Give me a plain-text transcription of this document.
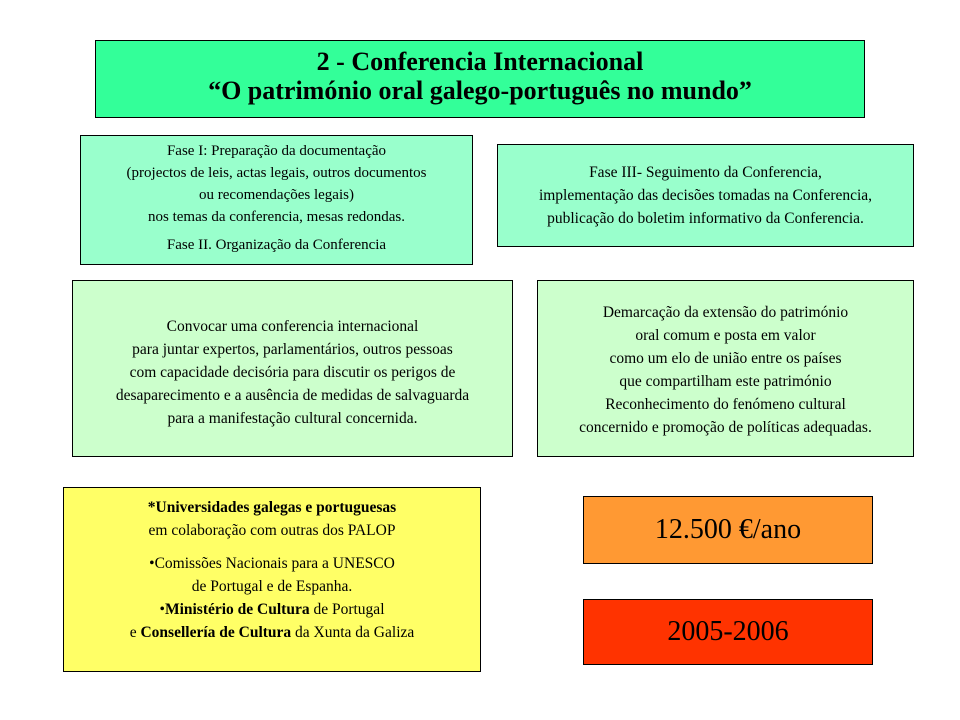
2 - Conferencia Internacional
“O património oral galego-português no mundo”
Fase I: Preparação da documentação
(projectos de leis, actas legais, outros documentos
ou recomendações legais)
nos temas da conferencia, mesas redondas.
Fase II. Organização da Conferencia
Fase III- Seguimento da Conferencia,
implementação das decisões tomadas na Conferencia,
publicação do boletim informativo da Conferencia.
Convocar uma conferencia internacional
para juntar expertos, parlamentários, outros pessoas
com capacidade decisória para discutir os perigos de
desaparecimento e a ausência de medidas de salvaguarda
para a manifestação cultural concernida.
Demarcação da extensão do património
oral comum e posta em valor
como um elo de união entre os países
que compartilham este património
Reconhecimento do fenómeno cultural
concernido e promoção de políticas adequadas.
*Universidades galegas e portuguesas
em colaboração com outras dos PALOP
•Comissões Nacionais para a UNESCO
de Portugal e de Espanha.
•Ministério de Cultura de Portugal
e Consellería de Cultura da Xunta da Galiza
12.500 €/ano
2005-2006
